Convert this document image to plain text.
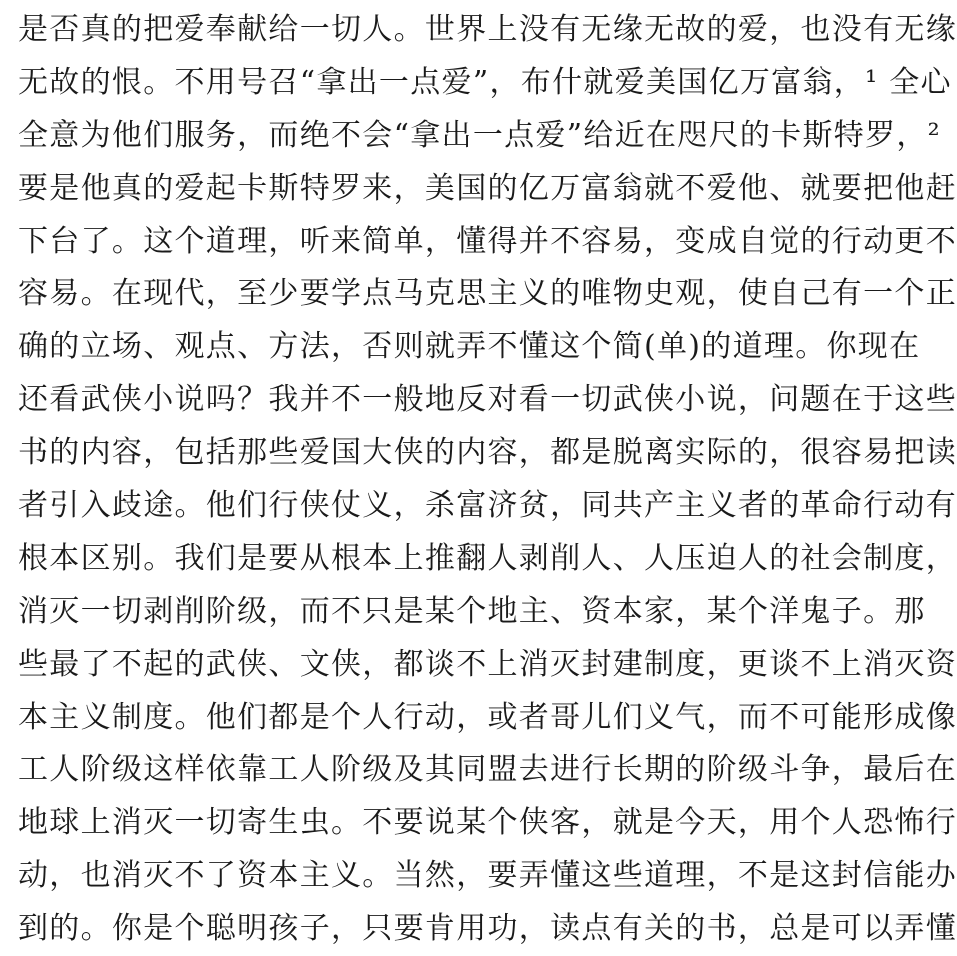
是否真的把爱奉献给一切人。世界上没有无缘无故的爱，也没有无缘
无故的恨。不用号召“拿出一点爱”，布什就爱美国亿万富翁，¹ 全心
全意为他们服务，而绝不会“拿出一点爱”给近在咫尺的卡斯特罗，²
要是他真的爱起卡斯特罗来，美国的亿万富翁就不爱他、就要把他赶
下台了。这个道理，听来简单，懂得并不容易，变成自觉的行动更不
容易。在现代，至少要学点马克思主义的唯物史观，使自己有一个正
确的立场、观点、方法，否则就弄不懂这个简(单)的道理。你现在
还看武侠小说吗？我并不一般地反对看一切武侠小说，问题在于这些
书的内容，包括那些爱国大侠的内容，都是脱离实际的，很容易把读
者引入歧途。他们行侠仗义，杀富济贫，同共产主义者的革命行动有
根本区别。我们是要从根本上推翻人剥削人、人压迫人的社会制度，
消灭一切剥削阶级，而不只是某个地主、资本家，某个洋鬼子。那
些最了不起的武侠、文侠，都谈不上消灭封建制度，更谈不上消灭资
本主义制度。他们都是个人行动，或者哥儿们义气，而不可能形成像
工人阶级这样依靠工人阶级及其同盟去进行长期的阶级斗争，最后在
地球上消灭一切寄生虫。不要说某个侠客，就是今天，用个人恐怖行
动，也消灭不了资本主义。当然，要弄懂这些道理，不是这封信能办
到的。你是个聪明孩子，只要肯用功，读点有关的书，总是可以弄懂
